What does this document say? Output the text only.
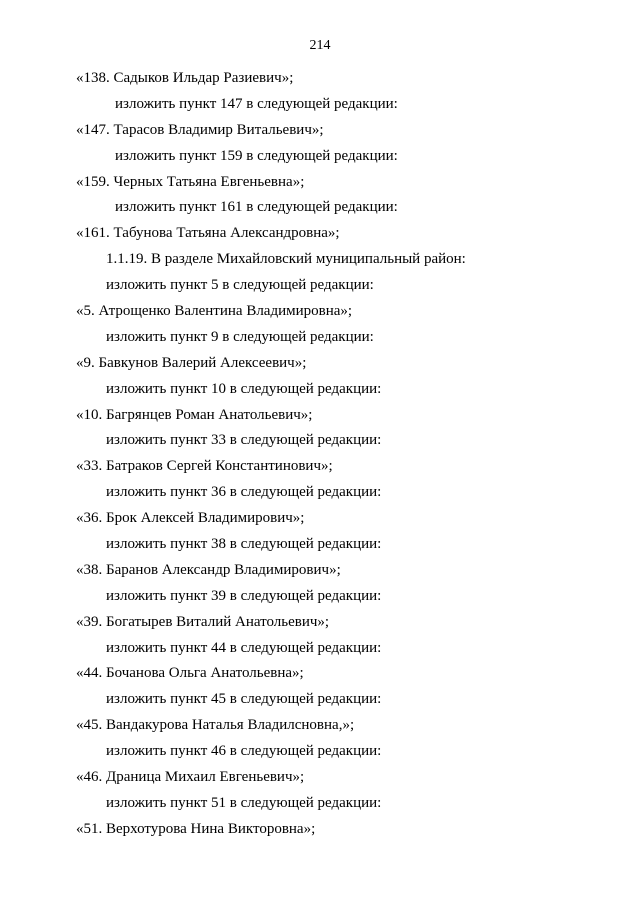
214
«138. Садыков Ильдар Разиевич»;
изложить пункт 147 в следующей редакции:
«147. Тарасов Владимир Витальевич»;
изложить пункт 159 в следующей редакции:
«159. Черных Татьяна Евгеньевна»;
изложить пункт 161 в следующей редакции:
«161. Табунова Татьяна Александровна»;
1.1.19. В разделе Михайловский муниципальный район:
изложить пункт 5 в следующей редакции:
«5. Атрощенко Валентина Владимировна»;
изложить пункт 9 в следующей редакции:
«9. Бавкунов Валерий Алексеевич»;
изложить пункт 10 в следующей редакции:
«10. Багрянцев Роман Анатольевич»;
изложить пункт 33 в следующей редакции:
«33. Батраков Сергей Константинович»;
изложить пункт 36 в следующей редакции:
«36. Брок Алексей Владимирович»;
изложить пункт 38 в следующей редакции:
«38. Баранов Александр Владимирович»;
изложить пункт 39 в следующей редакции:
«39. Богатырев Виталий Анатольевич»;
изложить пункт 44 в следующей редакции:
«44. Бочанова Ольга Анатольевна»;
изложить пункт 45 в следующей редакции:
«45. Вандакурова Наталья Владилсновна,»;
изложить пункт 46 в следующей редакции:
«46. Драница Михаил Евгеньевич»;
изложить пункт 51 в следующей редакции:
«51. Верхотурова Нина Викторовна»;
